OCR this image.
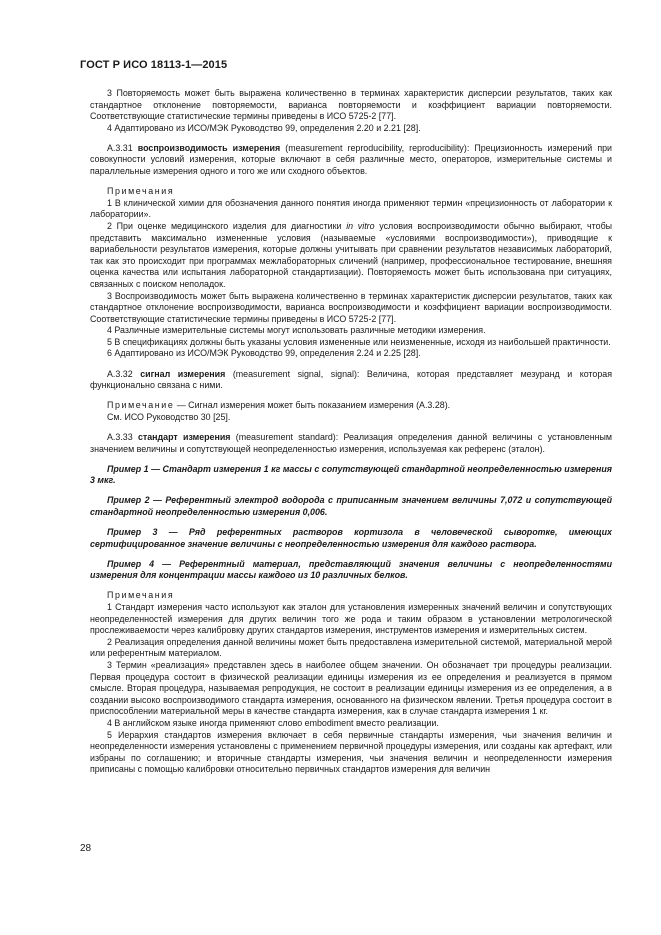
ГОСТ Р ИСО 18113-1—2015

3 Повторяемость может быть выражена количественно в терминах характеристик дисперсии результатов, таких как стандартное отклонение повторяемости, варианса повторяемости и коэффициент вариации повторяемости. Соответствующие статистические термины приведены в ИСО 5725-2 [77].

4 Адаптировано из ИСО/МЭК Руководство 99, определения 2.20 и 2.21 [28].

А.3.31 воспроизводимость измерения (measurement reproducibility, reproducibility): Прецизионность измерений при совокупности условий измерения, которые включают в себя различные место, операторов, измерительные системы и параллельные измерения одного и того же или сходного объектов.

Примечания

1 В клинической химии для обозначения данного понятия иногда применяют термин «прецизионность от лаборатории к лаборатории».

2 При оценке медицинского изделия для диагностики in vitro условия воспроизводимости обычно выбирают, чтобы представить максимально измененные условия (называемые «условиями воспроизводимости»), приводящие к вариабельности результатов измерения, которые должны учитывать при сравнении результатов независимых лабораторий, так как это происходит при программах межлабораторных сличений (например, профессиональное тестирование, внешняя оценка качества или испытания лабораторной стандартизации). Повторяемость может быть использована при ситуациях, связанных с поиском неполадок.

3 Воспроизводимость может быть выражена количественно в терминах характеристик дисперсии результатов, таких как стандартное отклонение воспроизводимости, варианса воспроизводимости и коэффициент вариации воспроизводимости. Соответствующие статистические термины приведены в ИСО 5725-2 [77].

4 Различные измерительные системы могут использовать различные методики измерения.

5 В спецификациях должны быть указаны условия измененные или неизмененные, исходя из наибольшей практичности.

6 Адаптировано из ИСО/МЭК Руководство 99, определения 2.24 и 2.25 [28].

А.3.32 сигнал измерения (measurement signal, signal): Величина, которая представляет мезуранд и которая функционально связана с ними.

Примечание — Сигнал измерения может быть показанием измерения (А.3.28).

См. ИСО Руководство 30 [25].

А.3.33 стандарт измерения (measurement standard): Реализация определения данной величины с установленным значением величины и сопутствующей неопределенностью измерения, используемая как референс (эталон).

Пример 1 — Стандарт измерения 1 кг массы с сопутствующей стандартной неопределенностью измерения 3 мкг.

Пример 2 — Референтный электрод водорода с приписанным значением величины 7,072 и сопутствующей стандартной неопределенностью измерения 0,006.

Пример 3 — Ряд референтных растворов кортизола в человеческой сыворотке, имеющих сертифицированное значение величины с неопределенностью измерения для каждого раствора.

Пример 4 — Референтный материал, представляющий значения величины с неопределенностями измерения для концентрации массы каждого из 10 различных белков.

Примечания

1 Стандарт измерения часто используют как эталон для установления измеренных значений величин и сопутствующих неопределенностей измерения для других величин того же рода и таким образом в установлении метрологической прослеживаемости через калибровку других стандартов измерения, инструментов измерения и измерительных систем.

2 Реализация определения данной величины может быть предоставлена измерительной системой, материальной мерой или референтным материалом.

3 Термин «реализация» представлен здесь в наиболее общем значении. Он обозначает три процедуры реализации. Первая процедура состоит в физической реализации единицы измерения из ее определения и реализуется в прямом смысле. Вторая процедура, называемая репродукция, не состоит в реализации единицы измерения из ее определения, а в создании высоко воспроизводимого стандарта измерения, основанного на физическом явлении. Третья процедура состоит в приспособлении материальной меры в качестве стандарта измерения, как в случае стандарта измерения 1 кг.

4 В английском языке иногда применяют слово embodiment вместо реализации.

5 Иерархия стандартов измерения включает в себя первичные стандарты измерения, чьи значения величин и неопределенности измерения установлены с применением первичной процедуры измерения, или созданы как артефакт, или избраны по соглашению; и вторичные стандарты измерения, чьи значения величин и неопределенности измерения приписаны с помощью калибровки относительно первичных стандартов измерения для величин

28
